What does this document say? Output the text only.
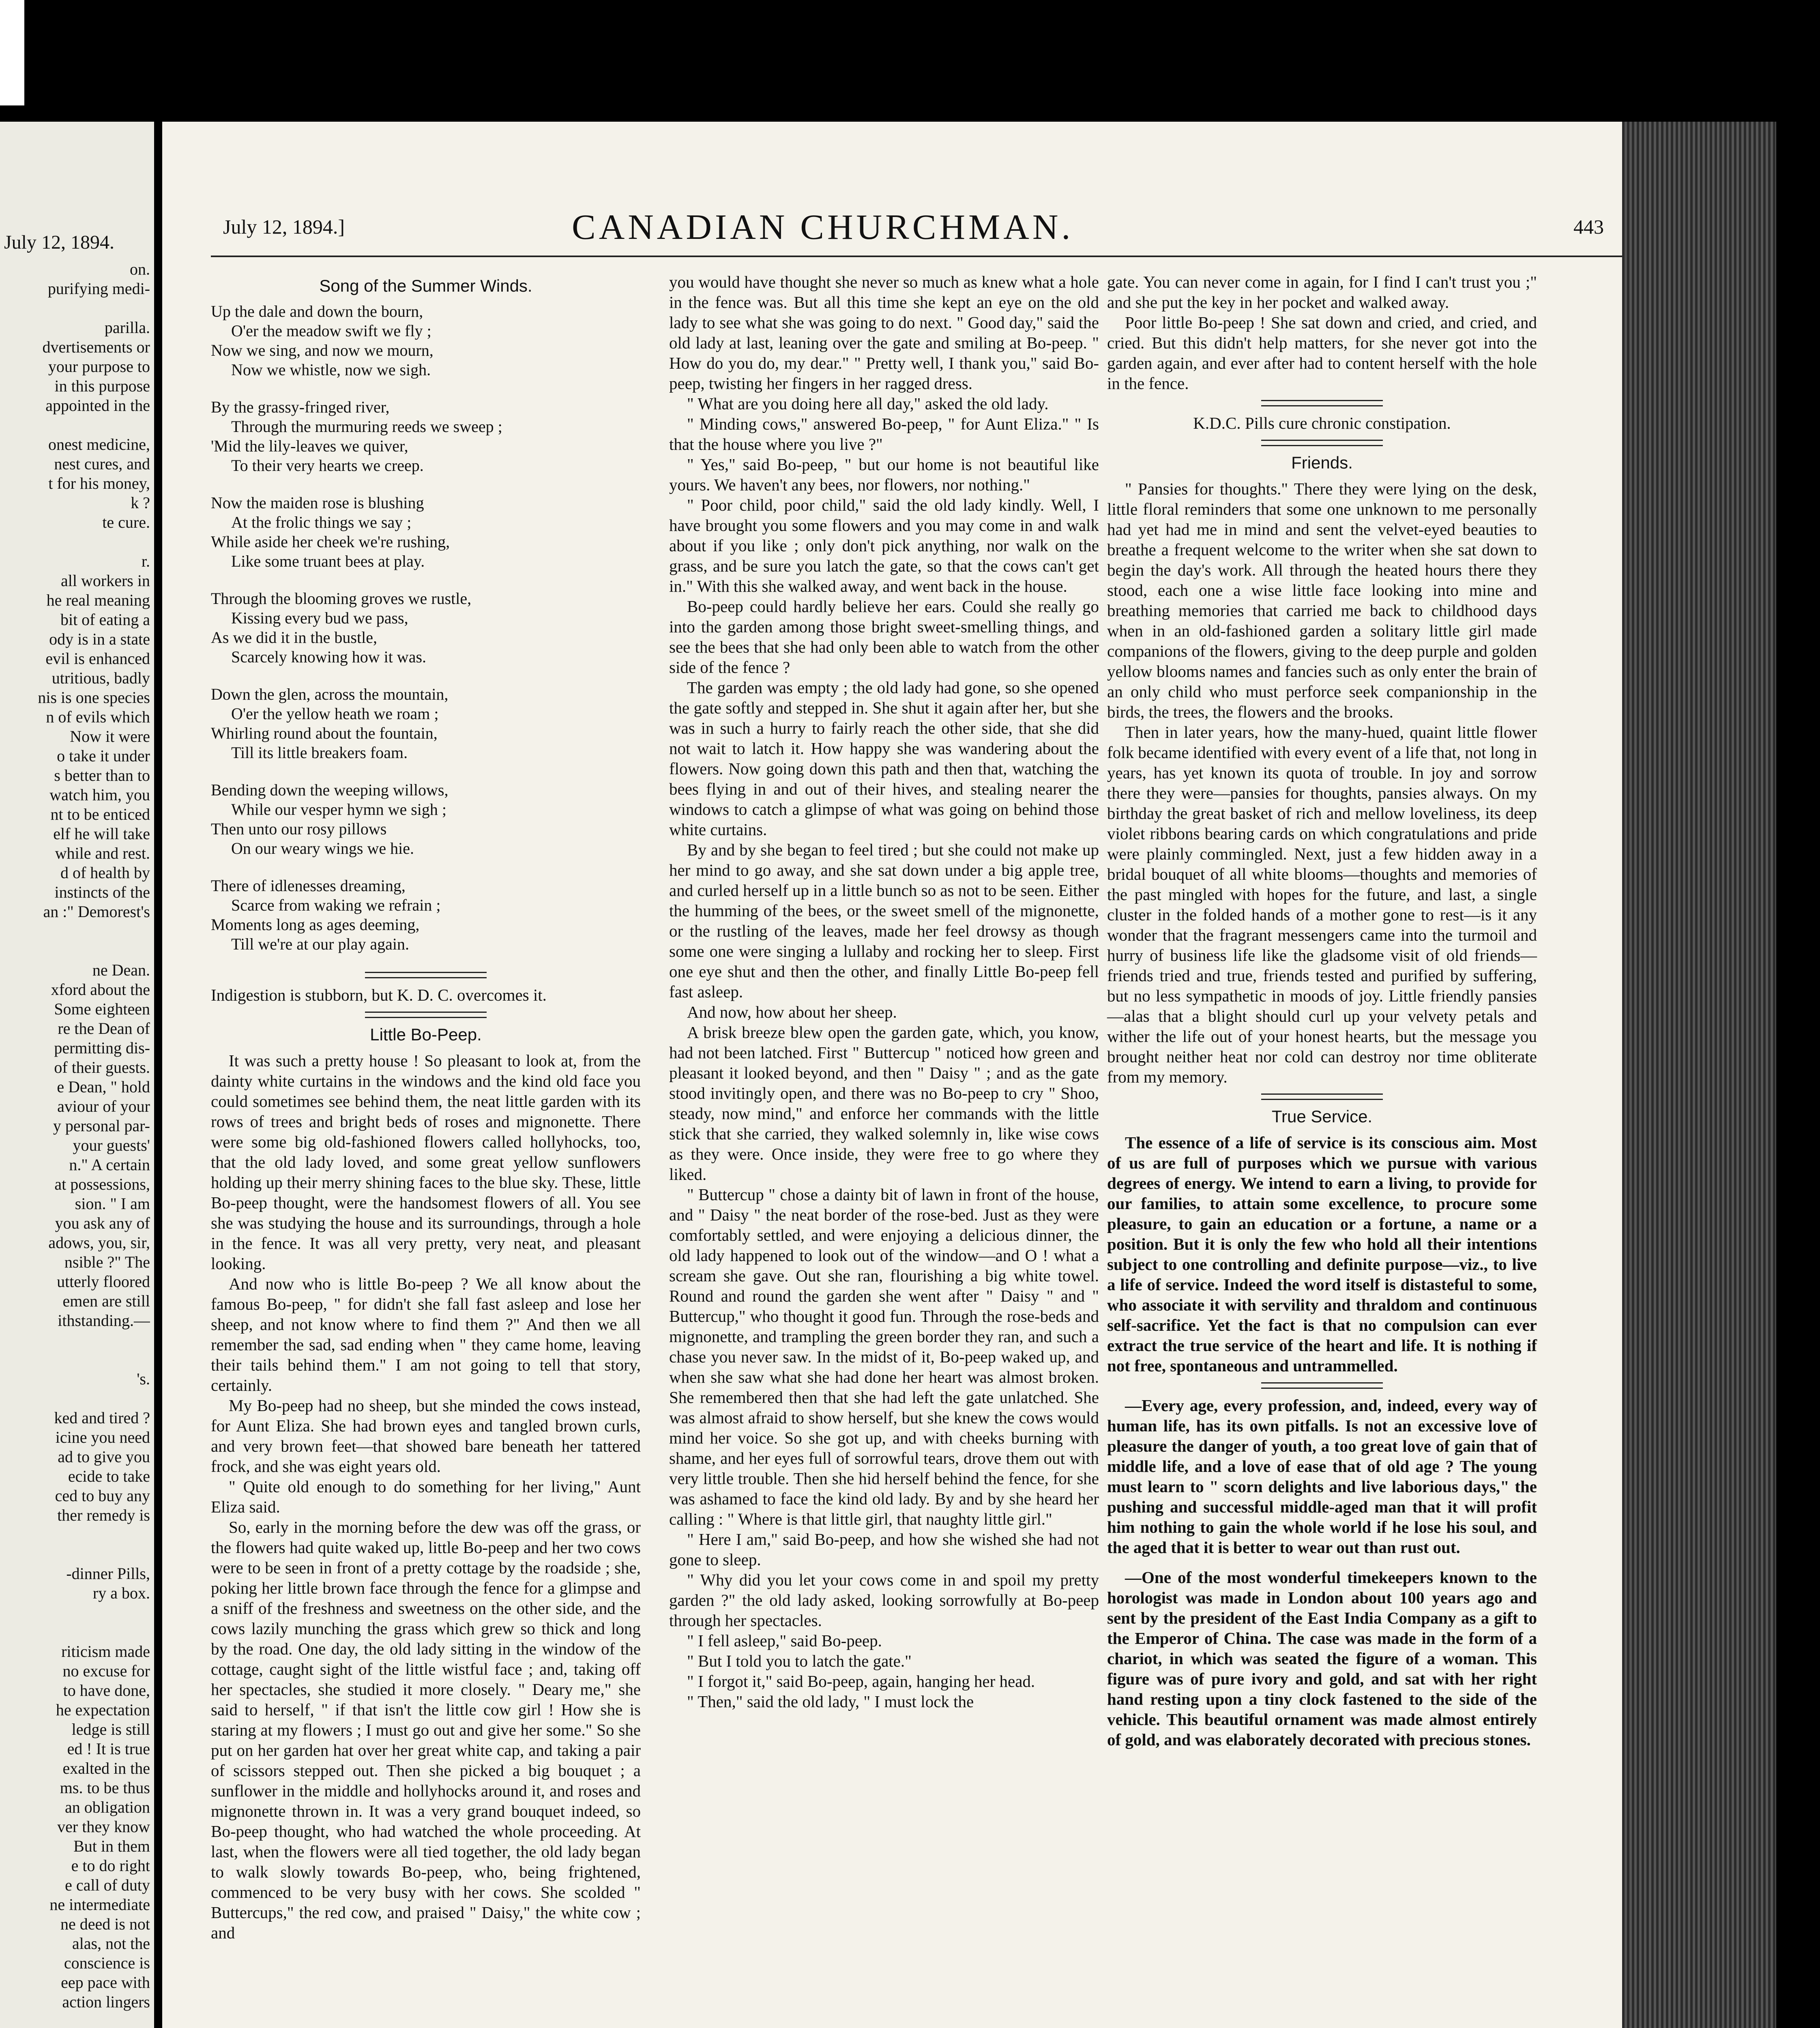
July 12, 1894.
on.
purifying medi-

parilla.
dvertisements or
your purpose to
in this purpose
appointed in the

onest medicine,
nest cures, and
t for his money,
k ?
te cure.

r.
all workers in
he real meaning
bit of eating a
ody is in a state
evil is enhanced
utritious, badly
nis is one species
n of evils which
Now it were
o take it under
s better than to
watch him, you
nt to be enticed
elf he will take
while and rest.
d of health by
instincts of the
an :" Demorest's

ne Dean.
xford about the
Some eighteen
re the Dean of
permitting dis-
of their guests.
e Dean, " hold
aviour of your
y personal par-
your guests'
n." A certain
at possessions,
sion. " I am
you ask any of
adows, you, sir,
nsible ?" The
utterly floored
emen are still
ithstanding.—

's.

ked and tired ?
icine you need
ad to give you
ecide to take
ced to buy any
ther remedy is

-dinner Pills,
ry a box.

riticism made
no excuse for
to have done,
he expectation
ledge is still
ed ! It is true
exalted in the
ms. to be thus
an obligation
ver they know
But in them
e to do right
e call of duty
ne intermediate
ne deed is not
alas, not the
conscience is
eep pace with
action lingers
July 12, 1894.]	CANADIAN CHURCHMAN.	443
Song of the Summer Winds.
Up the dale and down the bourn,
O'er the meadow swift we fly ;
Now we sing, and now we mourn,
Now we whistle, now we sigh.
By the grassy-fringed river,
Through the murmuring reeds we sweep ;
'Mid the lily-leaves we quiver,
To their very hearts we creep.
Now the maiden rose is blushing
At the frolic things we say ;
While aside her cheek we're rushing,
Like some truant bees at play.
Through the blooming groves we rustle,
Kissing every bud we pass,
As we did it in the bustle,
Scarcely knowing how it was.
Down the glen, across the mountain,
O'er the yellow heath we roam ;
Whirling round about the fountain,
Till its little breakers foam.
Bending down the weeping willows,
While our vesper hymn we sigh ;
Then unto our rosy pillows
On our weary wings we hie.
There of idlenesses dreaming,
Scarce from waking we refrain ;
Moments long as ages deeming,
Till we're at our play again.

Indigestion is stubborn, but K. D. C. overcomes it.

Little Bo-Peep.

It was such a pretty house ! So pleasant to look at, from the dainty white curtains in the windows and the kind old face you could sometimes see behind them, the neat little garden with its rows of trees and bright beds of roses and mignonette. There were some big old-fashioned flowers called hollyhocks, too, that the old lady loved, and some great yellow sunflowers holding up their merry shining faces to the blue sky. These, little Bo-peep thought, were the handsomest flowers of all. You see she was studying the house and its surroundings, through a hole in the fence. It was all very pretty, very neat, and pleasant looking.

And now who is little Bo-peep ? We all know about the famous Bo-peep, " for didn't she fall fast asleep and lose her sheep, and not know where to find them ?" And then we all remember the sad, sad ending when " they came home, leaving their tails behind them." I am not going to tell that story, certainly.

My Bo-peep had no sheep, but she minded the cows instead, for Aunt Eliza. She had brown eyes and tangled brown curls, and very brown feet—that showed bare beneath her tattered frock, and she was eight years old.

" Quite old enough to do something for her living," Aunt Eliza said.

So, early in the morning before the dew was off the grass, or the flowers had quite waked up, little Bo-peep and her two cows were to be seen in front of a pretty cottage by the roadside ; she, poking her little brown face through the fence for a glimpse and a sniff of the freshness and sweetness on the other side, and the cows lazily munching the grass which grew so thick and long by the road. One day, the old lady sitting in the window of the cottage, caught sight of the little wistful face ; and, taking off her spectacles, she studied it more closely. " Deary me," she said to herself, " if that isn't the little cow girl ! How she is staring at my flowers ; I must go out and give her some." So she put on her garden hat over her great white cap, and taking a pair of scissors stepped out. Then she picked a big bouquet ; a sunflower in the middle and hollyhocks around it, and roses and mignonette thrown in. It was a very grand bouquet indeed, so Bo-peep thought, who had watched the whole proceeding. At last, when the flowers were all tied together, the old lady began to walk slowly towards Bo-peep, who, being frightened, commenced to be very busy with her cows. She scolded " Buttercups," the red cow, and praised " Daisy," the white cow ; and

you would have thought she never so much as knew what a hole in the fence was. But all this time she kept an eye on the old lady to see what she was going to do next. " Good day," said the old lady at last, leaning over the gate and smiling at Bo-peep. " How do you do, my dear." " Pretty well, I thank you," said Bo-peep, twisting her fingers in her ragged dress.

" What are you doing here all day," asked the old lady.

" Minding cows," answered Bo-peep, " for Aunt Eliza." " Is that the house where you live ?"

" Yes," said Bo-peep, " but our home is not beautiful like yours. We haven't any bees, nor flowers, nor nothing."

" Poor child, poor child," said the old lady kindly. Well, I have brought you some flowers and you may come in and walk about if you like ; only don't pick anything, nor walk on the grass, and be sure you latch the gate, so that the cows can't get in." With this she walked away, and went back in the house.

Bo-peep could hardly believe her ears. Could she really go into the garden among those bright sweet-smelling things, and see the bees that she had only been able to watch from the other side of the fence ?

The garden was empty ; the old lady had gone, so she opened the gate softly and stepped in. She shut it again after her, but she was in such a hurry to fairly reach the other side, that she did not wait to latch it. How happy she was wandering about the flowers. Now going down this path and then that, watching the bees flying in and out of their hives, and stealing nearer the windows to catch a glimpse of what was going on behind those white curtains.

By and by she began to feel tired ; but she could not make up her mind to go away, and she sat down under a big apple tree, and curled herself up in a little bunch so as not to be seen. Either the humming of the bees, or the sweet smell of the mignonette, or the rustling of the leaves, made her feel drowsy as though some one were singing a lullaby and rocking her to sleep. First one eye shut and then the other, and finally Little Bo-peep fell fast asleep.

And now, how about her sheep.

A brisk breeze blew open the garden gate, which, you know, had not been latched. First " Buttercup " noticed how green and pleasant it looked beyond, and then " Daisy " ; and as the gate stood invitingly open, and there was no Bo-peep to cry " Shoo, steady, now mind," and enforce her commands with the little stick that she carried, they walked solemnly in, like wise cows as they were. Once inside, they were free to go where they liked.

" Buttercup " chose a dainty bit of lawn in front of the house, and " Daisy " the neat border of the rose-bed. Just as they were comfortably settled, and were enjoying a delicious dinner, the old lady happened to look out of the window—and O ! what a scream she gave. Out she ran, flourishing a big white towel. Round and round the garden she went after " Daisy " and " Buttercup," who thought it good fun. Through the rose-beds and mignonette, and trampling the green border they ran, and such a chase you never saw. In the midst of it, Bo-peep waked up, and when she saw what she had done her heart was almost broken. She remembered then that she had left the gate unlatched. She was almost afraid to show herself, but she knew the cows would mind her voice. So she got up, and with cheeks burning with shame, and her eyes full of sorrowful tears, drove them out with very little trouble. Then she hid herself behind the fence, for she was ashamed to face the kind old lady. By and by she heard her calling : " Where is that little girl, that naughty little girl."

" Here I am," said Bo-peep, and how she wished she had not gone to sleep.

" Why did you let your cows come in and spoil my pretty garden ?" the old lady asked, looking sorrowfully at Bo-peep through her spectacles.

" I fell asleep," said Bo-peep.

" But I told you to latch the gate."

" I forgot it," said Bo-peep, again, hanging her head.

" Then," said the old lady, " I must lock the

gate. You can never come in again, for I find I can't trust you ;" and she put the key in her pocket and walked away.

Poor little Bo-peep ! She sat down and cried, and cried, and cried. But this didn't help matters, for she never got into the garden again, and ever after had to content herself with the hole in the fence.

K.D.C. Pills cure chronic constipation.

Friends.

" Pansies for thoughts." There they were lying on the desk, little floral reminders that some one unknown to me personally had yet had me in mind and sent the velvet-eyed beauties to breathe a frequent welcome to the writer when she sat down to begin the day's work. All through the heated hours there they stood, each one a wise little face looking into mine and breathing memories that carried me back to childhood days when in an old-fashioned garden a solitary little girl made companions of the flowers, giving to the deep purple and golden yellow blooms names and fancies such as only enter the brain of an only child who must perforce seek companionship in the birds, the trees, the flowers and the brooks.

Then in later years, how the many-hued, quaint little flower folk became identified with every event of a life that, not long in years, has yet known its quota of trouble. In joy and sorrow there they were—pansies for thoughts, pansies always. On my birthday the great basket of rich and mellow loveliness, its deep violet ribbons bearing cards on which congratulations and pride were plainly commingled. Next, just a few hidden away in a bridal bouquet of all white blooms—thoughts and memories of the past mingled with hopes for the future, and last, a single cluster in the folded hands of a mother gone to rest—is it any wonder that the fragrant messengers came into the turmoil and hurry of business life like the gladsome visit of old friends—friends tried and true, friends tested and purified by suffering, but no less sympathetic in moods of joy. Little friendly pansies—alas that a blight should curl up your velvety petals and wither the life out of your honest hearts, but the message you brought neither heat nor cold can destroy nor time obliterate from my memory.

True Service.

The essence of a life of service is its conscious aim. Most of us are full of purposes which we pursue with various degrees of energy. We intend to earn a living, to provide for our families, to attain some excellence, to procure some pleasure, to gain an education or a fortune, a name or a position. But it is only the few who hold all their intentions subject to one controlling and definite purpose—viz., to live a life of service. Indeed the word itself is distasteful to some, who associate it with servility and thraldom and continuous self-sacrifice. Yet the fact is that no compulsion can ever extract the true service of the heart and life. It is nothing if not free, spontaneous and untrammelled.

—Every age, every profession, and, indeed, every way of human life, has its own pitfalls. Is not an excessive love of pleasure the danger of youth, a too great love of gain that of middle life, and a love of ease that of old age ? The young must learn to " scorn delights and live laborious days," the pushing and successful middle-aged man that it will profit him nothing to gain the whole world if he lose his soul, and the aged that it is better to wear out than rust out.

—One of the most wonderful timekeepers known to the horologist was made in London about 100 years ago and sent by the president of the East India Company as a gift to the Emperor of China. The case was made in the form of a chariot, in which was seated the figure of a woman. This figure was of pure ivory and gold, and sat with her right hand resting upon a tiny clock fastened to the side of the vehicle. This beautiful ornament was made almost entirely of gold, and was elaborately decorated with precious stones.
